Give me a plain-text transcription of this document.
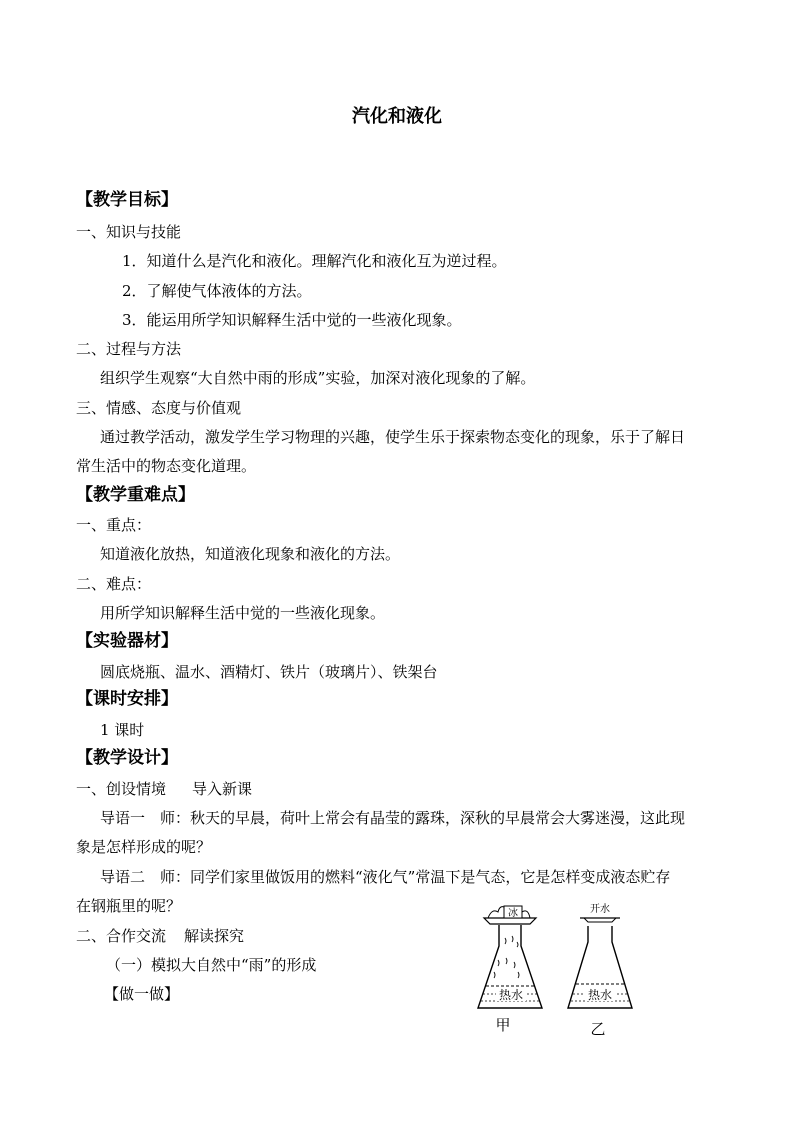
汽化和液化
【教学目标】
一、知识与技能
1．知道什么是汽化和液化。理解汽化和液化互为逆过程。
2．了解使气体液体的方法。
3．能运用所学知识解释生活中觉的一些液化现象。
二、过程与方法
组织学生观察“大自然中雨的形成”实验，加深对液化现象的了解。
三、情感、态度与价值观
通过教学活动，激发学生学习物理的兴趣，使学生乐于探索物态变化的现象，乐于了解日
常生活中的物态变化道理。
【教学重难点】
一、重点：
知道液化放热，知道液化现象和液化的方法。
二、难点：
用所学知识解释生活中觉的一些液化现象。
【实验器材】
圆底烧瓶、温水、酒精灯、铁片（玻璃片）、铁架台
【课时安排】
1 课时
【教学设计】
一、创设情境 导入新课
导语一　师：秋天的早晨，荷叶上常会有晶莹的露珠，深秋的早晨常会大雾迷漫，这此现
象是怎样形成的呢？
导语二　师：同学们家里做饭用的燃料“液化气”常温下是气态，它是怎样变成液态贮存
在钢瓶里的呢？
二、合作交流 解读探究
（一）模拟大自然中“雨”的形成
【做一做】
冰
热水
甲
开水
热水
乙
